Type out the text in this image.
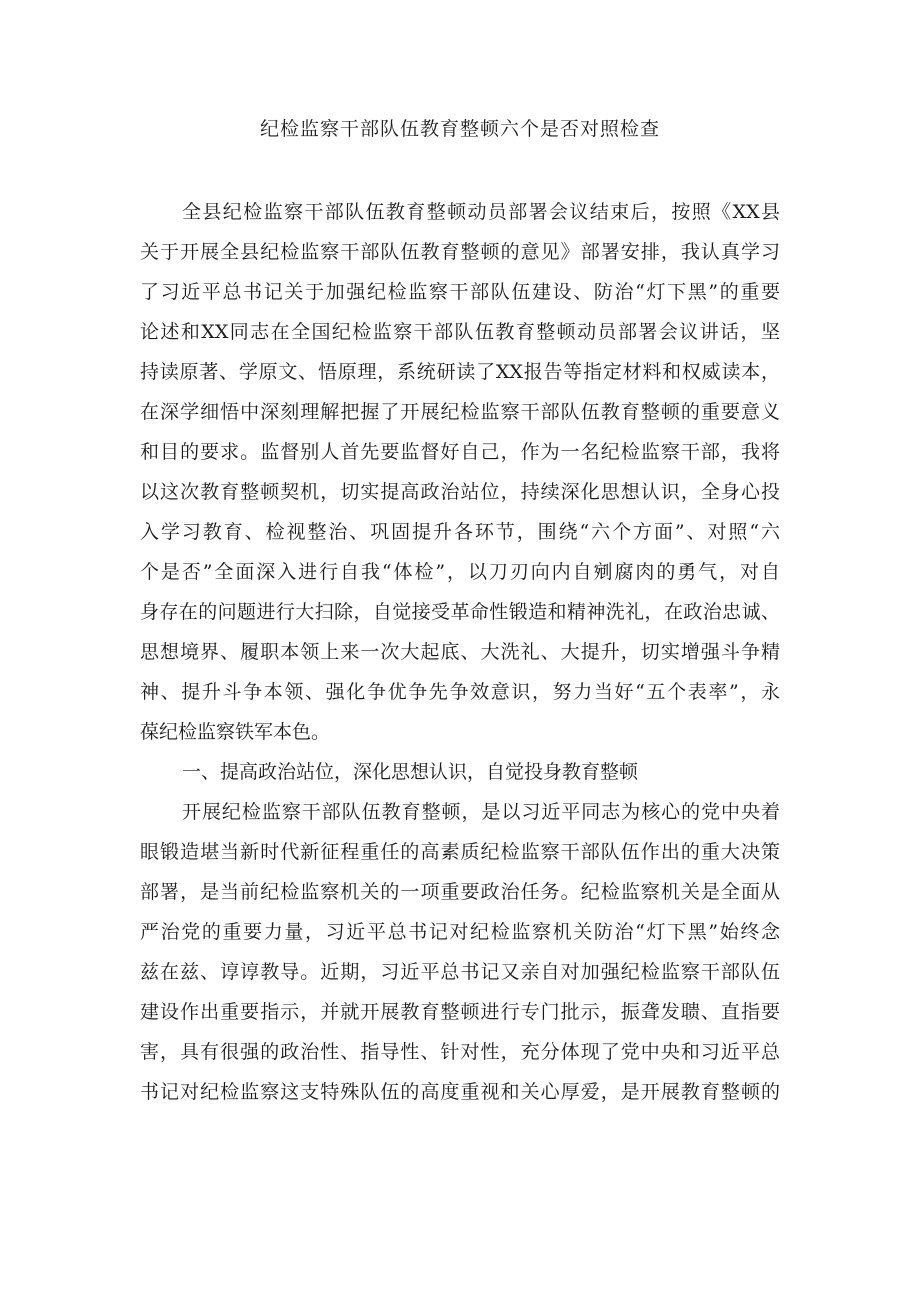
纪检监察干部队伍教育整顿六个是否对照检查
全县纪检监察干部队伍教育整顿动员部署会议结束后，按照《XX县
关于开展全县纪检监察干部队伍教育整顿的意见》部署安排，我认真学习
了习近平总书记关于加强纪检监察干部队伍建设、防治“灯下黑”的重要
论述和XX同志在全国纪检监察干部队伍教育整顿动员部署会议讲话，坚
持读原著、学原文、悟原理，系统研读了XX报告等指定材料和权威读本，
在深学细悟中深刻理解把握了开展纪检监察干部队伍教育整顿的重要意义
和目的要求。监督别人首先要监督好自己，作为一名纪检监察干部，我将
以这次教育整顿契机，切实提高政治站位，持续深化思想认识，全身心投
入学习教育、检视整治、巩固提升各环节，围绕“六个方面”、对照“六
个是否”全面深入进行自我“体检”，以刀刃向内自剜腐肉的勇气，对自
身存在的问题进行大扫除，自觉接受革命性锻造和精神洗礼，在政治忠诚、
思想境界、履职本领上来一次大起底、大洗礼、大提升，切实增强斗争精
神、提升斗争本领、强化争优争先争效意识，努力当好“五个表率”，永
葆纪检监察铁军本色。
一、提高政治站位，深化思想认识，自觉投身教育整顿
开展纪检监察干部队伍教育整顿，是以习近平同志为核心的党中央着
眼锻造堪当新时代新征程重任的高素质纪检监察干部队伍作出的重大决策
部署，是当前纪检监察机关的一项重要政治任务。纪检监察机关是全面从
严治党的重要力量，习近平总书记对纪检监察机关防治“灯下黑”始终念
兹在兹、谆谆教导。近期，习近平总书记又亲自对加强纪检监察干部队伍
建设作出重要指示，并就开展教育整顿进行专门批示，振聋发聩、直指要
害，具有很强的政治性、指导性、针对性，充分体现了党中央和习近平总
书记对纪检监察这支特殊队伍的高度重视和关心厚爱，是开展教育整顿的
